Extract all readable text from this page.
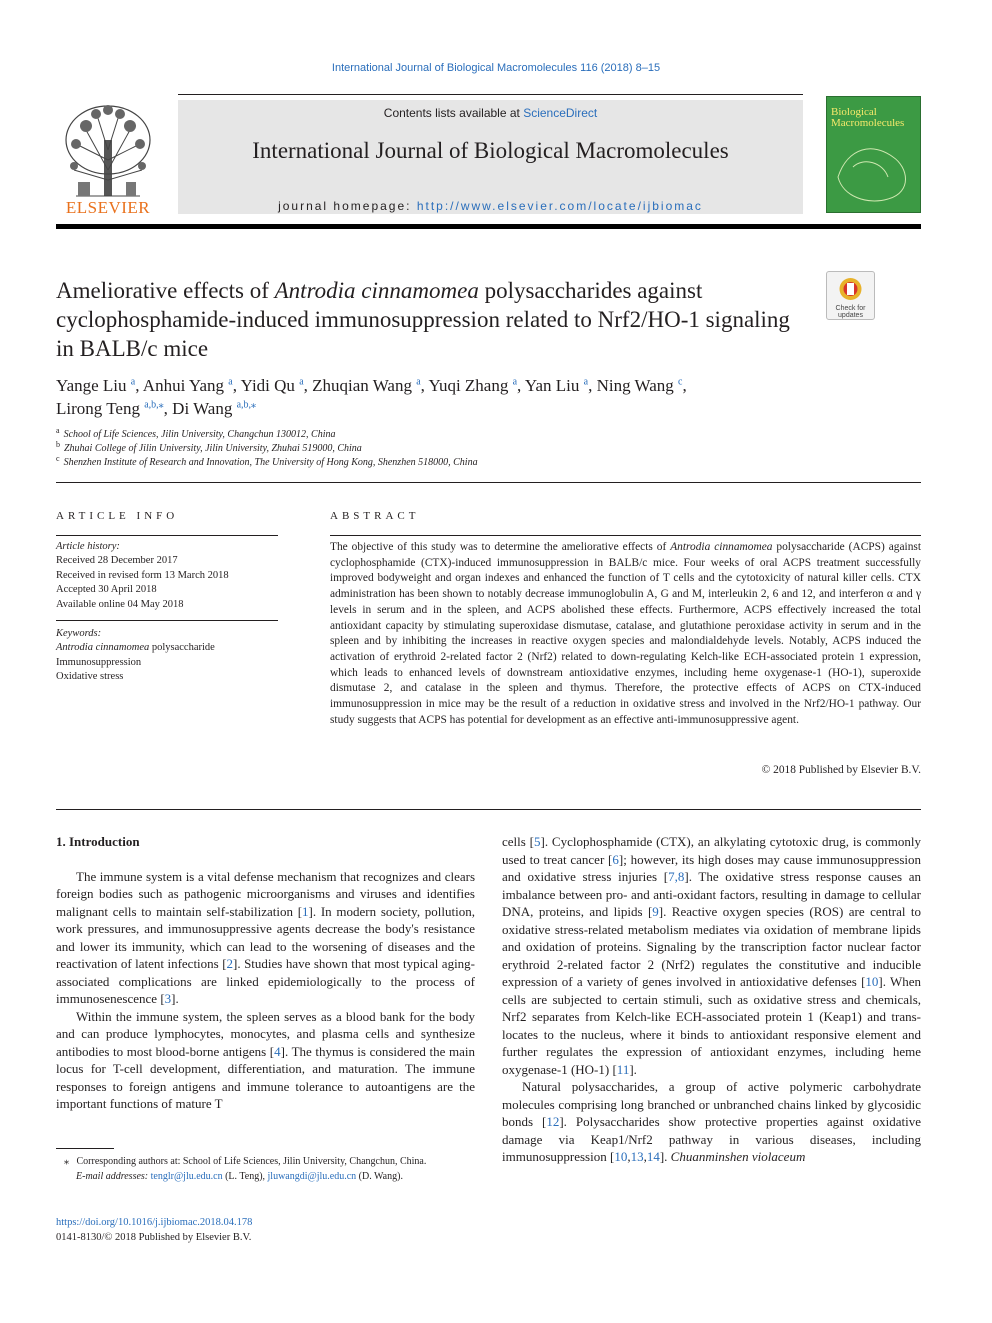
International Journal of Biological Macromolecules 116 (2018) 8–15
ELSEVIER
Contents lists available at ScienceDirect
International Journal of Biological Macromolecules
journal homepage: http://www.elsevier.com/locate/ijbiomac
Biological
Macromolecules
Ameliorative effects of Antrodia cinnamomea polysaccharides against cyclophosphamide-induced immunosuppression related to Nrf2/HO-1 signaling in BALB/c mice
Check for updates
Yange Liu $^a$, Anhui Yang $^a$, Yidi Qu $^a$, Zhuqian Wang $^a$, Yuqi Zhang $^a$, Yan Liu $^a$, Ning Wang $^c$,
Lirong Teng $^{a,b,⁎}$, Di Wang $^{a,b,⁎}$
$^a$ School of Life Sciences, Jilin University, Changchun 130012, China
$^b$ Zhuhai College of Jilin University, Jilin University, Zhuhai 519000, China
$^c$ Shenzhen Institute of Research and Innovation, The University of Hong Kong, Shenzhen 518000, China
ARTICLE INFO
Article history:
Received 28 December 2017
Received in revised form 13 March 2018
Accepted 30 April 2018
Available online 04 May 2018
Keywords:
Antrodia cinnamomea polysaccharide
Immunosuppression
Oxidative stress
ABSTRACT
The objective of this study was to determine the ameliorative effects of Antrodia cinnamomea polysaccharide (ACPS) against cyclophosphamide (CTX)-induced immunosuppression in BALB/c mice. Four weeks of oral ACPS treatment successfully improved bodyweight and organ indexes and enhanced the function of T cells and the cytotoxicity of natural killer cells. CTX administration has been shown to notably decrease immunoglobulin A, G and M, interleukin 2, 6 and 12, and interferon α and γ levels in serum and in the spleen, and ACPS abolished these effects. Furthermore, ACPS effectively increased the total antioxidant capacity by stimulating superoxidase dismutase, catalase, and glutathione peroxidase activity in serum and in the spleen and by inhibiting the increases in reactive oxygen species and malondialdehyde levels. Notably, ACPS induced the activation of erythroid 2-related factor 2 (Nrf2) related to down-regulating Kelch-like ECH-associated protein 1 expression, which leads to enhanced levels of downstream antioxidative enzymes, including heme oxygenase-1 (HO-1), superoxide dismutase 2, and catalase in the spleen and thymus. Therefore, the protective effects of ACPS on CTX-induced immunosuppression in mice may be the result of a reduction in oxidative stress and involved in the Nrf2/HO-1 pathway. Our study suggests that ACPS has potential for development as an effective anti-immunosuppressive agent.
© 2018 Published by Elsevier B.V.
1. Introduction

The immune system is a vital defense mechanism that recognizes and clears foreign bodies such as pathogenic microorganisms and viruses and identifies malignant cells to maintain self-stabilization [1]. In modern society, pollution, work pressures, and immunosuppressive agents decrease the body's resistance and lower its immunity, which can lead to the worsening of diseases and the reactivation of latent infections [2]. Studies have shown that most typical aging-associated complications are linked epidemiologically to the process of immunosenescence [3].

Within the immune system, the spleen serves as a blood bank for the body and can produce lymphocytes, monocytes, and plasma cells and synthesize antibodies to most blood-borne antigens [4]. The thymus is considered the main locus for T-cell development, differentiation, and maturation. The immune responses to foreign antigens and immune tolerance to autoantigens are the important functions of mature T

cells [5]. Cyclophosphamide (CTX), an alkylating cytotoxic drug, is commonly used to treat cancer [6]; however, its high doses may cause immunosuppression and oxidative stress injuries [7,8]. The oxidative stress response causes an imbalance between pro- and anti-oxidant factors, resulting in damage to cellular DNA, proteins, and lipids [9]. Reactive oxygen species (ROS) are central to oxidative stress-related metabolism mediates via oxidation of membrane lipids and oxidation of proteins. Signaling by the transcription factor nuclear factor erythroid 2-related factor 2 (Nrf2) regulates the constitutive and inducible expression of a variety of genes involved in antioxidative defenses [10]. When cells are subjected to certain stimuli, such as oxidative stress and chemicals, Nrf2 separates from Kelch-like ECH-associated protein 1 (Keap1) and trans-locates to the nucleus, where it binds to antioxidant responsive element and further regulates the expression of antioxidant enzymes, including heme oxygenase-1 (HO-1) [11].

Natural polysaccharides, a group of active polymeric carbohydrate molecules comprising long branched or unbranched chains linked by glycosidic bonds [12]. Polysaccharides show protective properties against oxidative damage via Keap1/Nrf2 pathway in various diseases, including immunosuppression [10,13,14]. Chuanminshen violaceum

⁎ Corresponding authors at: School of Life Sciences, Jilin University, Changchun, China.
E-mail addresses: tenglr@jlu.edu.cn (L. Teng), jluwangdi@jlu.edu.cn (D. Wang).
https://doi.org/10.1016/j.ijbiomac.2018.04.178
0141-8130/© 2018 Published by Elsevier B.V.
